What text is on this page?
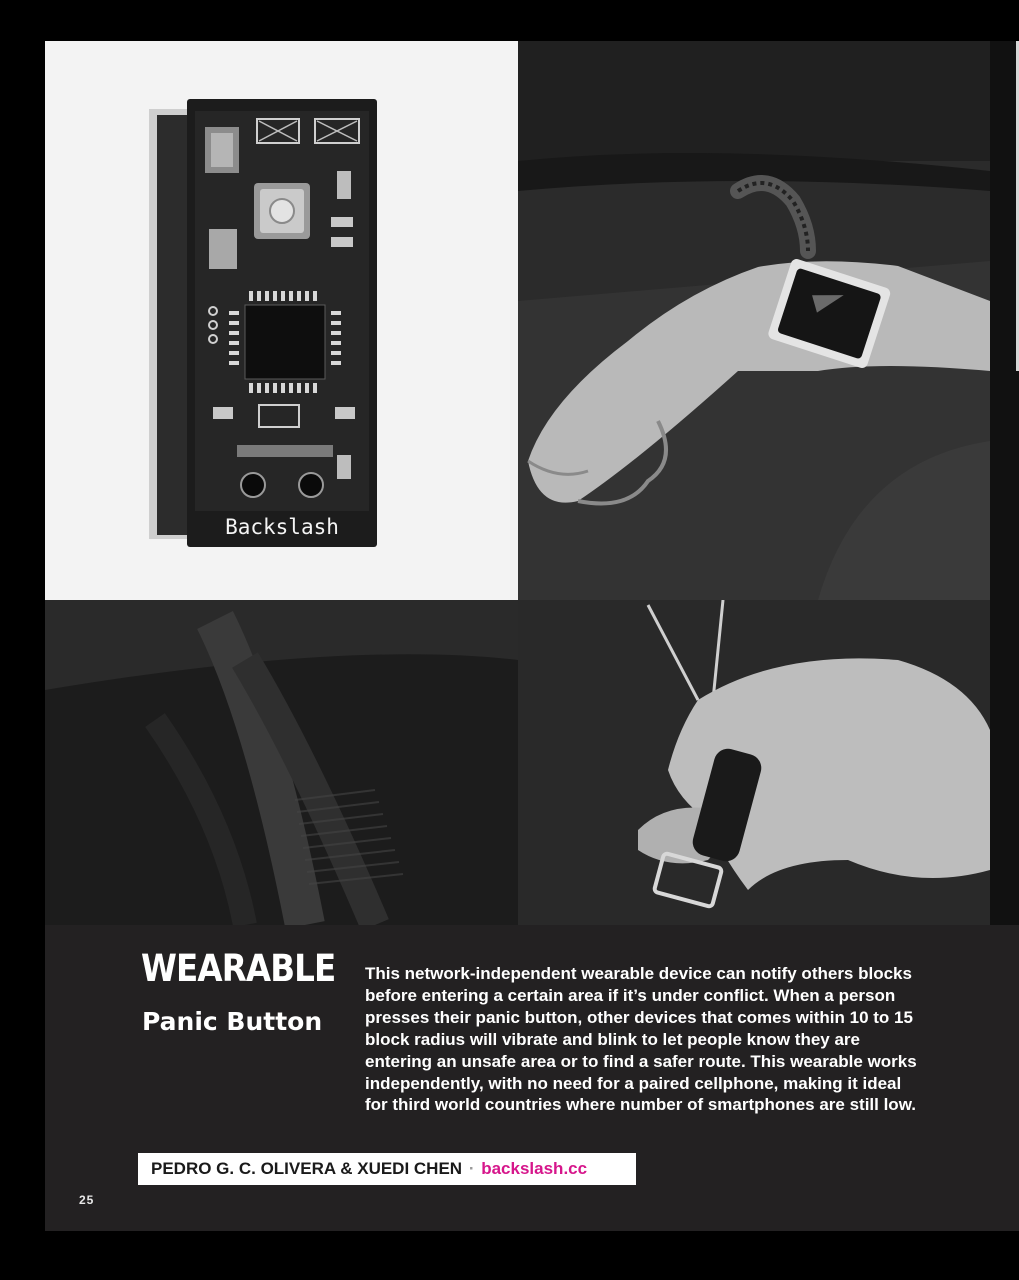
Backslash
WEARABLE
Panic Button

This network-independent wearable device can notify others blocks before entering a certain area if it’s under conflict. When a person presses their panic button, other devices that comes within 10 to 15 block radius will vibrate and blink to let people know they are entering an unsafe area or to find a safer route. This wearable works independently, with no need for a paired cellphone, making it ideal for third world countries where number of smartphones are still low.

PEDRO G. C. OLIVERA & XUEDI CHEN · backslash.cc
25
